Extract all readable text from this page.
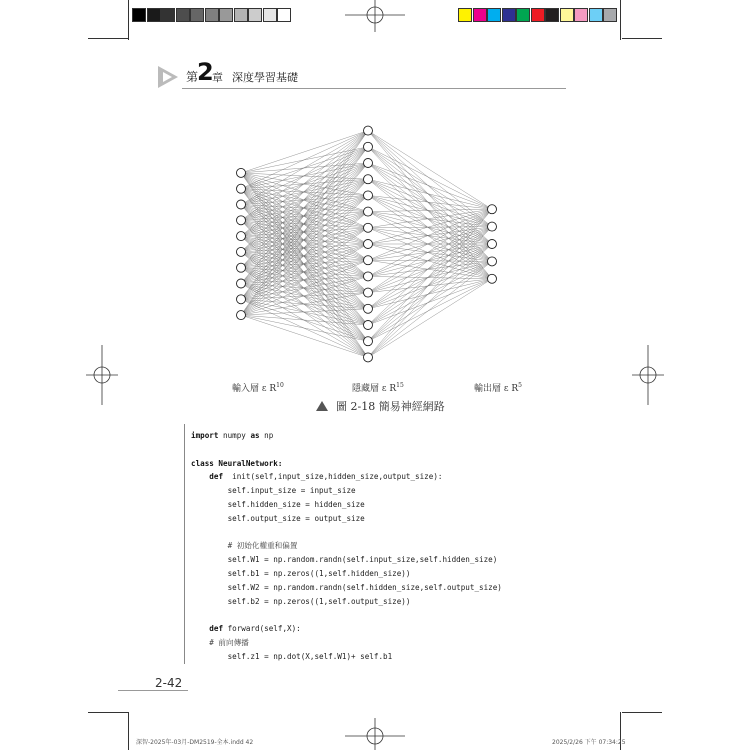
第
2
章 深度學習基礎
輸入層 ε $R^{10}$	隱藏層 ε $R^{15}$	輸出層 ε $R^5$
圖 2-18 簡易神經網路
import numpy as np
class NeuralNetwork:
def  init(self,input_size,hidden_size,output_size):
self.input_size = input_size
self.hidden_size = hidden_size
self.output_size = output_size
# 初始化權重和偏置
self.W1 = np.random.randn(self.input_size,self.hidden_size)
self.b1 = np.zeros((1,self.hidden_size))
self.W2 = np.random.randn(self.hidden_size,self.output_size)
self.b2 = np.zeros((1,self.output_size))
def forward(self,X):
# 前向傳播
self.z1 = np.dot(X,self.W1)+ self.b1
2-42
深智-2025年-03月-DM2519-全本.indd 42	2025/2/26 下午 07:34:25
